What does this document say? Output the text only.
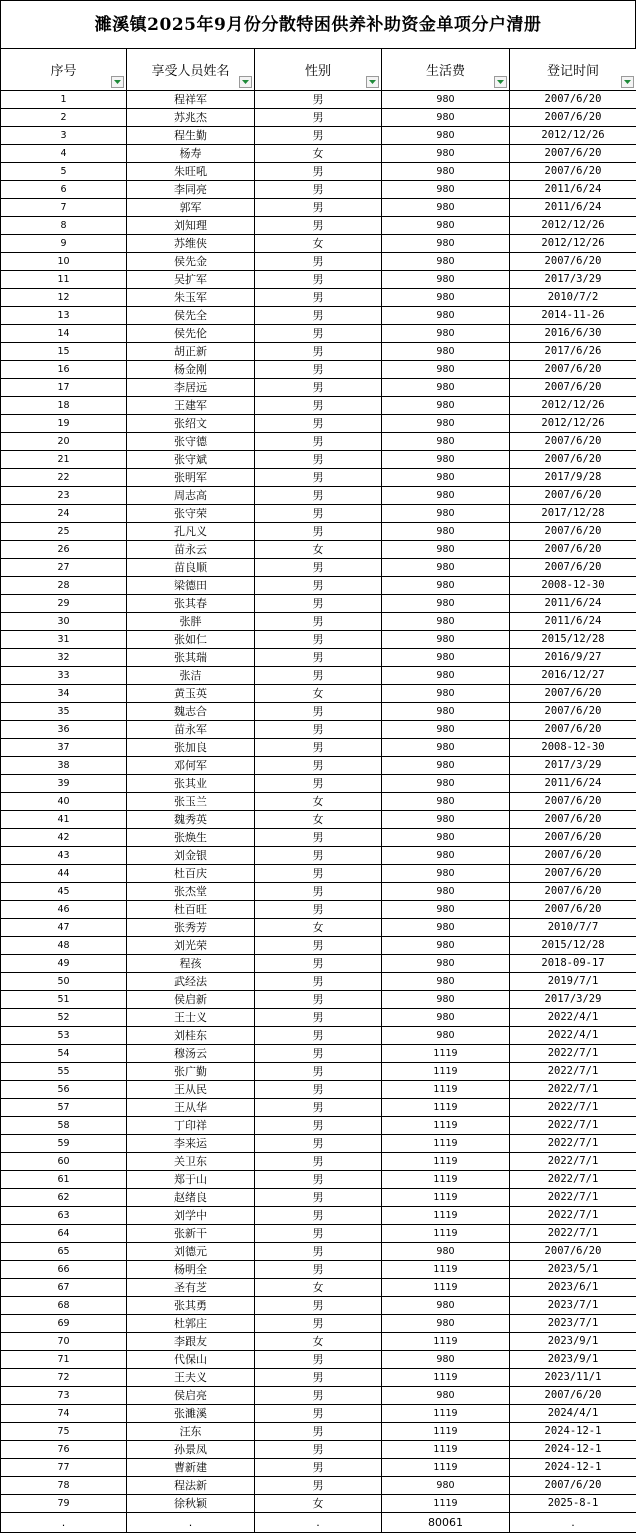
濉溪镇2025年9月份分散特困供养补助资金单项分户清册
序号	享受人员姓名	性别	生活费	登记时间

1	程祥军	男	980	2007/6/20
2	苏兆杰	男	980	2007/6/20
3	程生勤	男	980	2012/12/26
4	杨寿	女	980	2007/6/20
5	朱旺吼	男	980	2007/6/20
6	李同亮	男	980	2011/6/24
7	郭军	男	980	2011/6/24
8	刘知理	男	980	2012/12/26
9	苏维侠	女	980	2012/12/26
10	侯先金	男	980	2007/6/20
11	吴扩军	男	980	2017/3/29
12	朱玉军	男	980	2010/7/2
13	侯先全	男	980	2014-11-26
14	侯先伦	男	980	2016/6/30
15	胡正新	男	980	2017/6/26
16	杨金刚	男	980	2007/6/20
17	李居远	男	980	2007/6/20
18	王建军	男	980	2012/12/26
19	张绍文	男	980	2012/12/26
20	张守德	男	980	2007/6/20
21	张守斌	男	980	2007/6/20
22	张明军	男	980	2017/9/28
23	周志高	男	980	2007/6/20
24	张守荣	男	980	2017/12/28
25	孔凡义	男	980	2007/6/20
26	苗永云	女	980	2007/6/20
27	苗良顺	男	980	2007/6/20
28	梁德田	男	980	2008-12-30
29	张其春	男	980	2011/6/24
30	张胖	男	980	2011/6/24
31	张如仁	男	980	2015/12/28
32	张其瑞	男	980	2016/9/27
33	张洁	男	980	2016/12/27
34	黄玉英	女	980	2007/6/20
35	魏志合	男	980	2007/6/20
36	苗永军	男	980	2007/6/20
37	张加良	男	980	2008-12-30
38	邓何军	男	980	2017/3/29
39	张其业	男	980	2011/6/24
40	张玉兰	女	980	2007/6/20
41	魏秀英	女	980	2007/6/20
42	张焕生	男	980	2007/6/20
43	刘金银	男	980	2007/6/20
44	杜百庆	男	980	2007/6/20
45	张杰堂	男	980	2007/6/20
46	杜百旺	男	980	2007/6/20
47	张秀芳	女	980	2010/7/7
48	刘光荣	男	980	2015/12/28
49	程孩	男	980	2018-09-17
50	武经法	男	980	2019/7/1
51	侯启新	男	980	2017/3/29
52	王士义	男	980	2022/4/1
53	刘桂东	男	980	2022/4/1
54	穆汤云	男	1119	2022/7/1
55	张广勤	男	1119	2022/7/1
56	王从民	男	1119	2022/7/1
57	王从华	男	1119	2022/7/1
58	丁印祥	男	1119	2022/7/1
59	李来运	男	1119	2022/7/1
60	关卫东	男	1119	2022/7/1
61	郑于山	男	1119	2022/7/1
62	赵绪良	男	1119	2022/7/1
63	刘学中	男	1119	2022/7/1
64	张新干	男	1119	2022/7/1
65	刘德元	男	980	2007/6/20
66	杨明全	男	1119	2023/5/1
67	圣有芝	女	1119	2023/6/1
68	张其勇	男	980	2023/7/1
69	杜郭庄	男	980	2023/7/1
70	李跟友	女	1119	2023/9/1
71	代保山	男	980	2023/9/1
72	王夫义	男	1119	2023/11/1
73	侯启亮	男	980	2007/6/20
74	张濉溪	男	1119	2024/4/1
75	汪东	男	1119	2024-12-1
76	孙景凤	男	1119	2024-12-1
77	曹新建	男	1119	2024-12-1
78	程法新	男	980	2007/6/20
79	徐秋颖	女	1119	2025-8-1
.	.	.	80061	.
